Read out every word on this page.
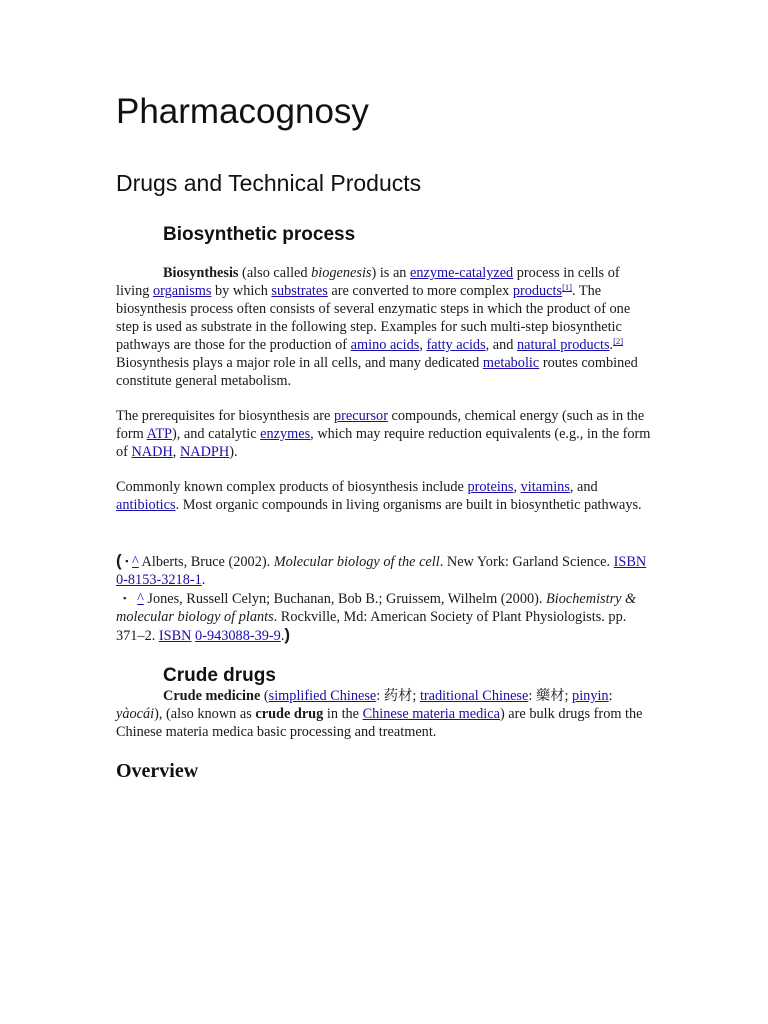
Pharmacognosy
Drugs and Technical Products
Biosynthetic process

Biosynthesis (also called biogenesis) is an enzyme-catalyzed process in cells of living organisms by which substrates are converted to more complex products[1]. The biosynthesis process often consists of several enzymatic steps in which the product of one step is used as substrate in the following step. Examples for such multi-step biosynthetic pathways are those for the production of amino acids, fatty acids, and natural products.[2] Biosynthesis plays a major role in all cells, and many dedicated metabolic routes combined constitute general metabolism.

The prerequisites for biosynthesis are precursor compounds, chemical energy (such as in the form ATP), and catalytic enzymes, which may require reduction equivalents (e.g., in the form of NADH, NADPH).

Commonly known complex products of biosynthesis include proteins, vitamins, and antibiotics. Most organic compounds in living organisms are built in biosynthetic pathways.

( ▪ ^ Alberts, Bruce (2002). Molecular biology of the cell. New York: Garland Science. ISBN 0-8153-3218-1.
▪ ^ Jones, Russell Celyn; Buchanan, Bob B.; Gruissem, Wilhelm (2000). Biochemistry & molecular biology of plants. Rockville, Md: American Society of Plant Physiologists. pp. 371–2. ISBN 0-943088-39-9.)

Crude drugs

Crude medicine (simplified Chinese: 药材; traditional Chinese: 藥材; pinyin: yàocái), (also known as crude drug in the Chinese materia medica) are bulk drugs from the Chinese materia medica basic processing and treatment.

Overview
